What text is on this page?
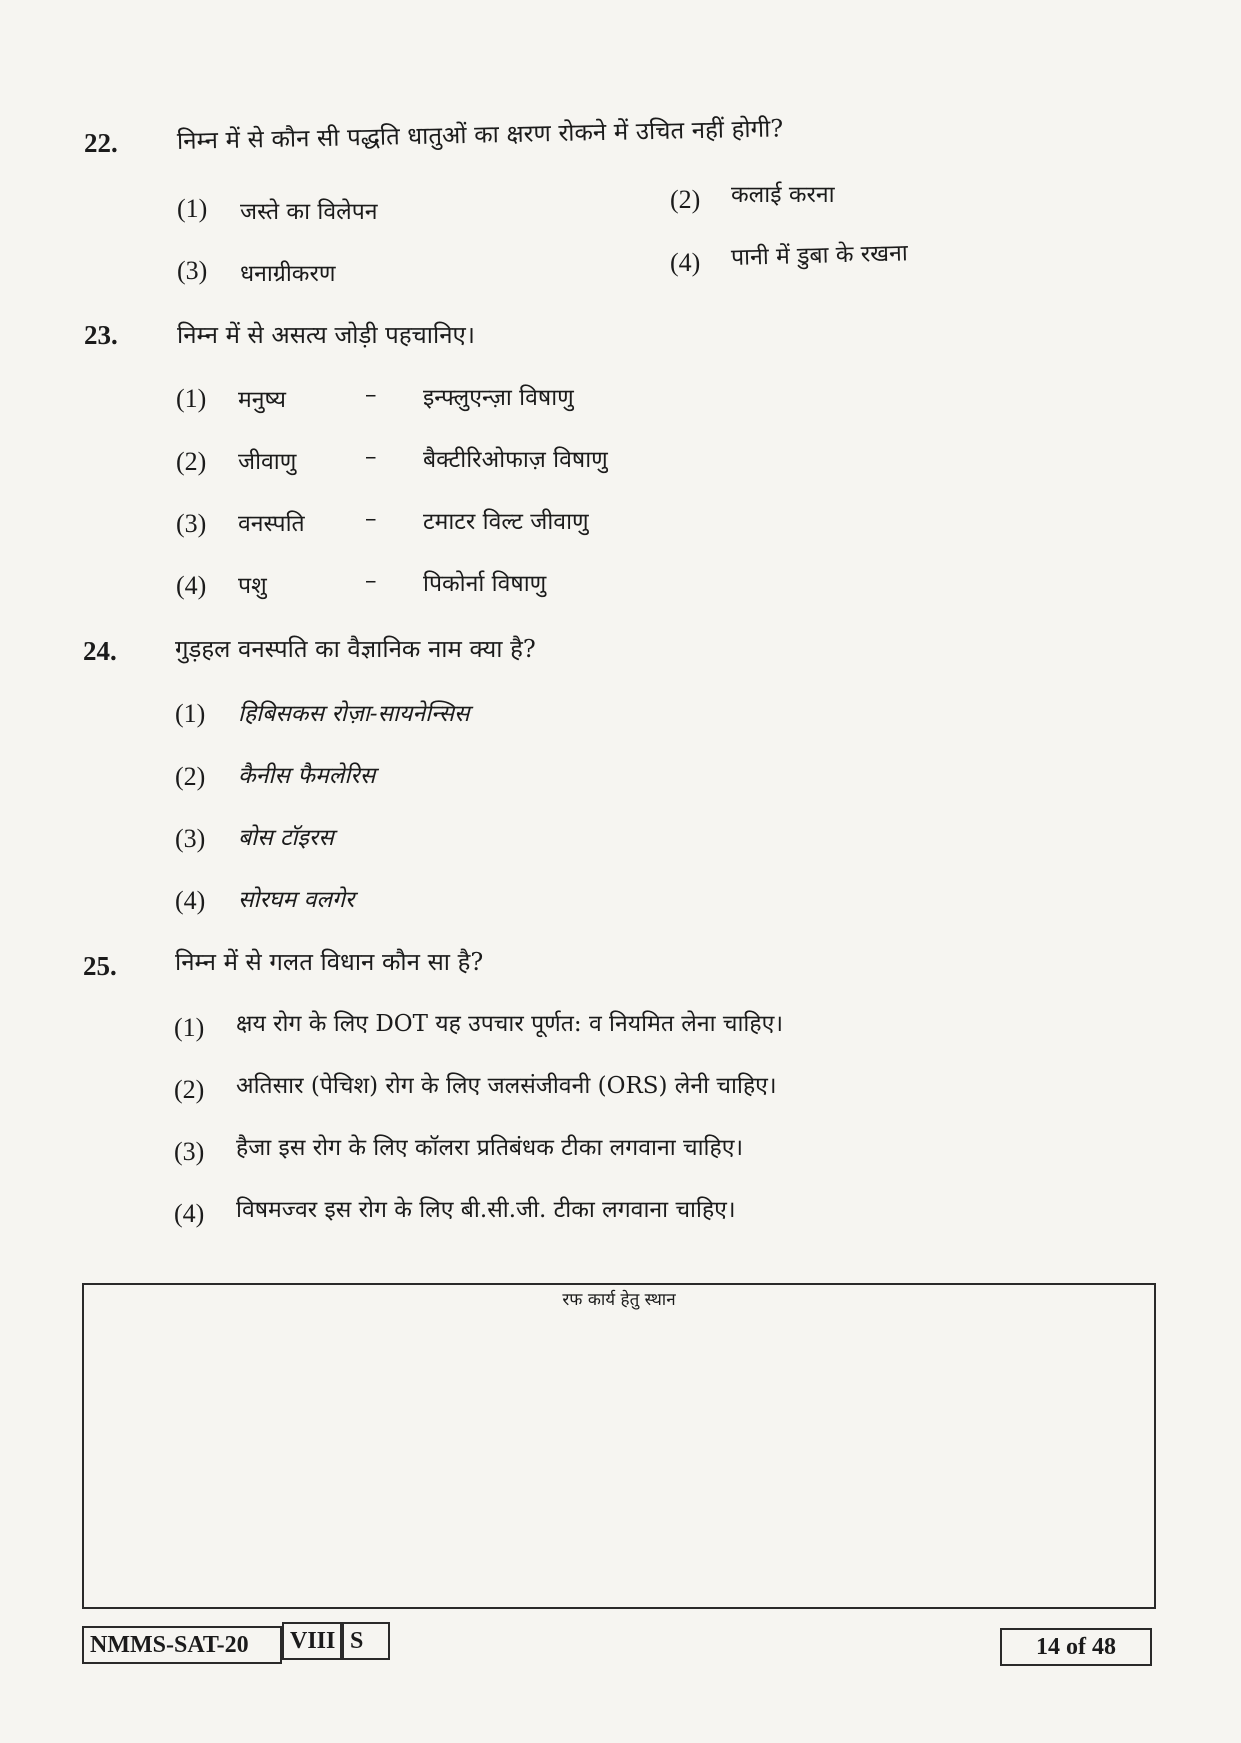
22. निम्न में से कौन सी पद्धति धातुओं का क्षरण रोकने में उचित नहीं होगी?
(1) जस्ते का विलेपन	(2) कलाई करना
(3) धनाग्रीकरण	(4) पानी में डुबा के रखना
23. निम्न में से असत्य जोड़ी पहचानिए।
(1) मनुष्य	– इन्फ्लुएन्ज़ा विषाणु
(2) जीवाणु	– बैक्टीरिओफाज़ विषाणु
(3) वनस्पति	– टमाटर विल्ट जीवाणु
(4) पशु	– पिकोर्ना विषाणु
24. गुड़हल वनस्पति का वैज्ञानिक नाम क्या है?
(1) हिबिसकस रोज़ा-सायनेन्सिस
(2) कैनीस फैमलेरिस
(3) बोस टॉइरस
(4) सोरघम वलगेर
25. निम्न में से गलत विधान कौन सा है?
(1) क्षय रोग के लिए DOT यह उपचार पूर्णत: व नियमित लेना चाहिए।
(2) अतिसार (पेचिश) रोग के लिए जलसंजीवनी (ORS) लेनी चाहिए।
(3) हैजा इस रोग के लिए कॉलरा प्रतिबंधक टीका लगवाना चाहिए।
(4) विषमज्वर इस रोग के लिए बी.सी.जी. टीका लगवाना चाहिए।
रफ कार्य हेतु स्थान
NMMS-SAT-20	VIII S	14 of 48
